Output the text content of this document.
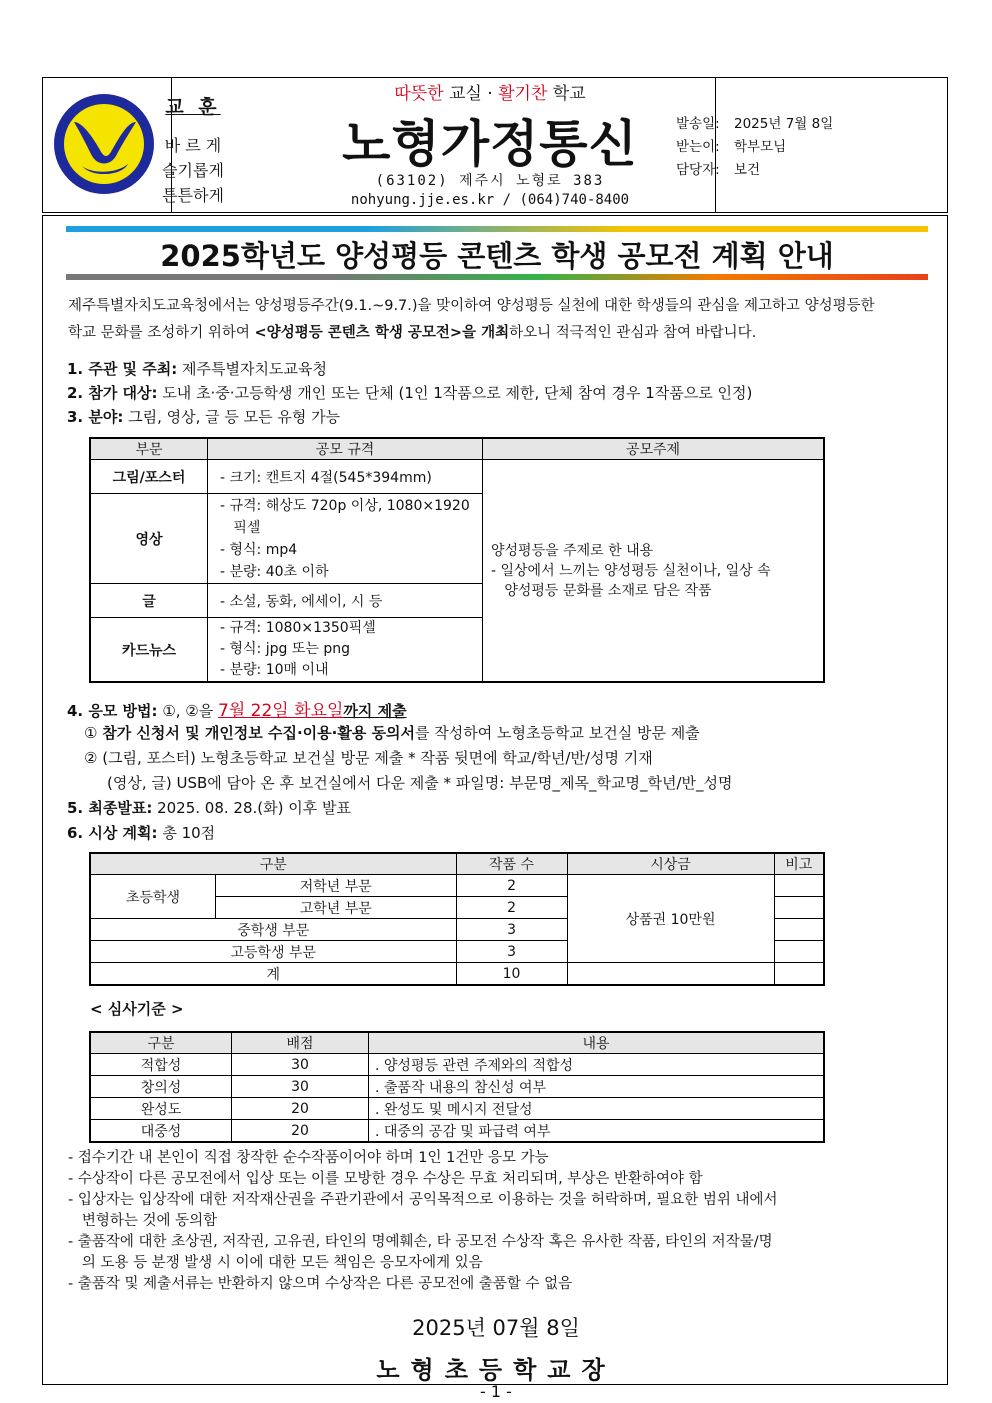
교 훈
바 르 게
슬기롭게
튼튼하게
따뜻한 교실 · 활기찬 학교
노형가정통신
(63102) 제주시 노형로 383
nohyung.jje.es.kr / (064)740-8400
발송일: 2025년 7월 8일
받는이: 학부모님
담당자: 보건
2025학년도 양성평등 콘텐츠 학생 공모전 계획 안내
제주특별자치도교육청에서는 양성평등주간(9.1.~9.7.)을 맞이하여 양성평등 실천에 대한 학생들의 관심을 제고하고 양성평등한
학교 문화를 조성하기 위하여 <양성평등 콘텐츠 학생 공모전>을 개최하오니 적극적인 관심과 참여 바랍니다.
1. 주관 및 주최: 제주특별자치도교육청
2. 참가 대상: 도내 초·중·고등학생 개인 또는 단체 (1인 1작품으로 제한, 단체 참여 경우 1작품으로 인정)
3. 분야: 그림, 영상, 글 등 모든 유형 가능
부문	공모 규격	공모주제
그림/포스터	- 크기: 캔트지 4절(545*394mm)	양성평등을 주제로 한 내용
- 일상에서 느끼는 양성평등 실천이나, 일상 속
양성평등 문화를 소재로 담은 작품

영상	- 규격: 해상도 720p 이상, 1080×1920
픽셀
- 형식: mp4
- 분량: 40초 이하	

글	- 소설, 동화, 에세이, 시 등	

카드뉴스	- 규격: 1080×1350픽셀
- 형식: jpg 또는 png
- 분량: 10매 이내	
4. 응모 방법: ①, ②을 7월 22일 화요일까지 제출
① 참가 신청서 및 개인정보 수집·이용·활용 동의서를 작성하여 노형초등학교 보건실 방문 제출
② (그림, 포스터) 노형초등학교 보건실 방문 제출 * 작품 뒷면에 학교/학년/반/성명 기재
(영상, 글) USB에 담아 온 후 보건실에서 다운 제출 * 파일명: 부문명_제목_학교명_학년/반_성명
5. 최종발표: 2025. 08. 28.(화) 이후 발표
6. 시상 계획: 총 10점
구분		작품 수	시상금	비고
초등학생	저학년 부문	2	상품권 10만원	
	고학년 부문	2		
중학생 부문		3		
고등학생 부문		3		
계		10		
< 심사기준 >
구분	배점	내용
적합성	30	. 양성평등 관련 주제와의 적합성
창의성	30	. 출품작 내용의 참신성 여부
완성도	20	. 완성도 및 메시지 전달성
대중성	20	. 대중의 공감 및 파급력 여부
- 접수기간 내 본인이 직접 창작한 순수작품이어야 하며 1인 1건만 응모 가능
- 수상작이 다른 공모전에서 입상 또는 이를 모방한 경우 수상은 무효 처리되며, 부상은 반환하여야 함
- 입상자는 입상작에 대한 저작재산권을 주관기관에서 공익목적으로 이용하는 것을 허락하며, 필요한 범위 내에서
변형하는 것에 동의함
- 출품작에 대한 초상권, 저작권, 고유권, 타인의 명예훼손, 타 공모전 수상작 혹은 유사한 작품, 타인의 저작물/명
의 도용 등 분쟁 발생 시 이에 대한 모든 책임은 응모자에게 있음
- 출품작 및 제출서류는 반환하지 않으며 수상작은 다른 공모전에 출품할 수 없음
2025년 07월 8일
노형초등학교장
- 1 -
